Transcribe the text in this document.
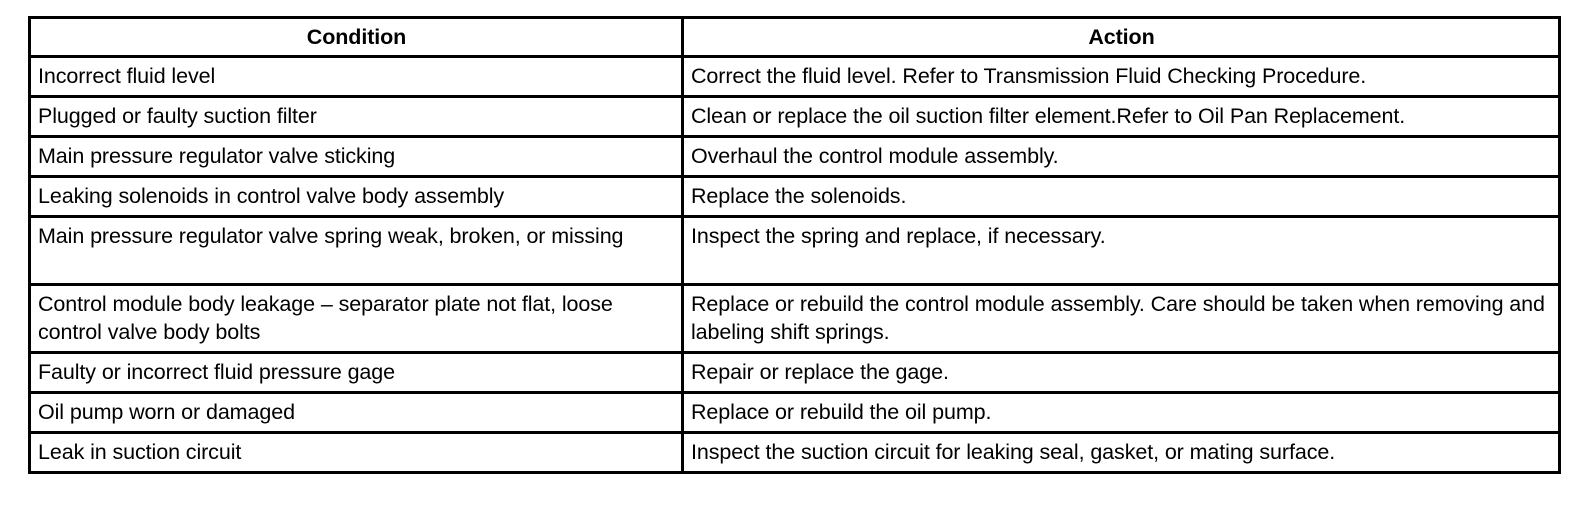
Condition	Action
Incorrect fluid level	Correct the fluid level. Refer to Transmission Fluid Checking Procedure.
Plugged or faulty suction filter	Clean or replace the oil suction filter element.Refer to Oil Pan Replacement.
Main pressure regulator valve sticking	Overhaul the control module assembly.
Leaking solenoids in control valve body assembly	Replace the solenoids.
Main pressure regulator valve spring weak, broken, or missing	Inspect the spring and replace, if necessary.
Control module body leakage – separator plate not flat, loose control valve body bolts	Replace or rebuild the control module assembly. Care should be taken when removing and labeling shift springs.
Faulty or incorrect fluid pressure gage	Repair or replace the gage.
Oil pump worn or damaged	Replace or rebuild the oil pump.
Leak in suction circuit	Inspect the suction circuit for leaking seal, gasket, or mating surface.
